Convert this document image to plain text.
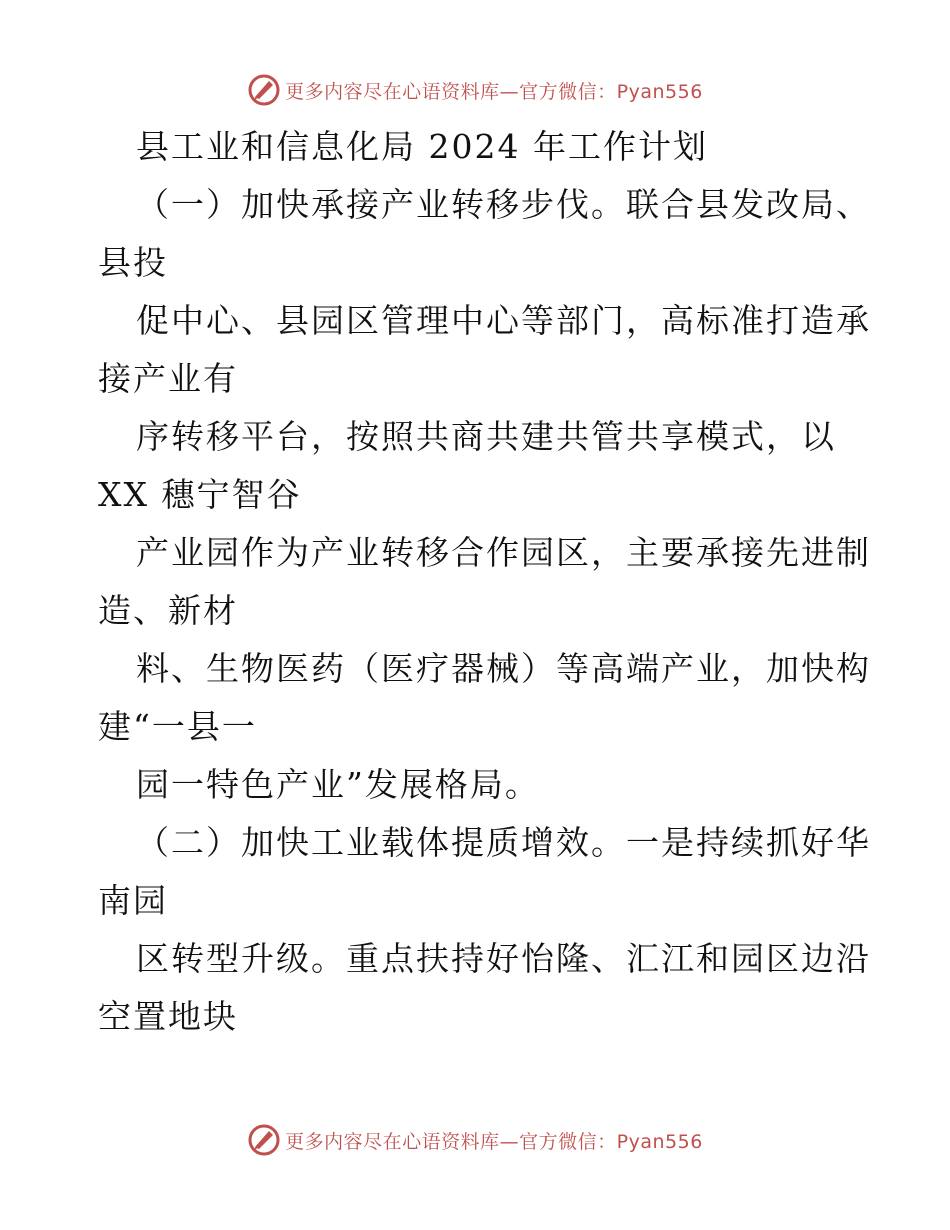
更多内容尽在心语资料库—官方微信：Pyan556
县工业和信息化局 2024 年工作计划
（一）加快承接产业转移步伐。联合县发改局、
县投
促中心、县园区管理中心等部门，高标准打造承
接产业有
序转移平台，按照共商共建共管共享模式，以
XX 穗宁智谷
产业园作为产业转移合作园区，主要承接先进制
造、新材
料、生物医药（医疗器械）等高端产业，加快构
建“一县一
园一特色产业”发展格局。
（二）加快工业载体提质增效。一是持续抓好华
南园
区转型升级。重点扶持好怡隆、汇江和园区边沿
空置地块
更多内容尽在心语资料库—官方微信：Pyan556
